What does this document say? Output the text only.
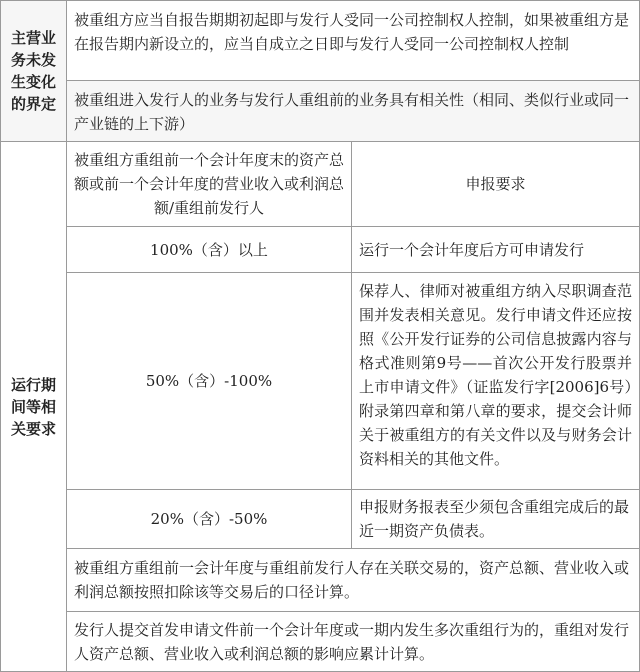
主营业务未发生变化的界定
被重组方应当自报告期期初起即与发行人受同一公司控制权人控制，如果被重组方是在报告期内新设立的，应当自成立之日即与发行人受同一公司控制权人控制
被重组进入发行人的业务与发行人重组前的业务具有相关性（相同、类似行业或同一产业链的上下游）
运行期间等相关要求
被重组方重组前一个会计年度末的资产总额或前一个会计年度的营业收入或利润总额/重组前发行人
申报要求
100%（含）以上	运行一个会计年度后方可申请发行
50%（含）-100%
保荐人、律师对被重组方纳入尽职调查范围并发表相关意见。发行申请文件还应按照《公开发行证券的公司信息披露内容与格式准则第9号——首次公开发行股票并上市申请文件》（证监发行字[2006]6号）附录第四章和第八章的要求，提交会计师关于被重组方的有关文件以及与财务会计资料相关的其他文件。
20%（含）-50%
申报财务报表至少须包含重组完成后的最近一期资产负债表。
被重组方重组前一会计年度与重组前发行人存在关联交易的，资产总额、营业收入或利润总额按照扣除该等交易后的口径计算。
发行人提交首发申请文件前一个会计年度或一期内发生多次重组行为的，重组对发行人资产总额、营业收入或利润总额的影响应累计计算。
